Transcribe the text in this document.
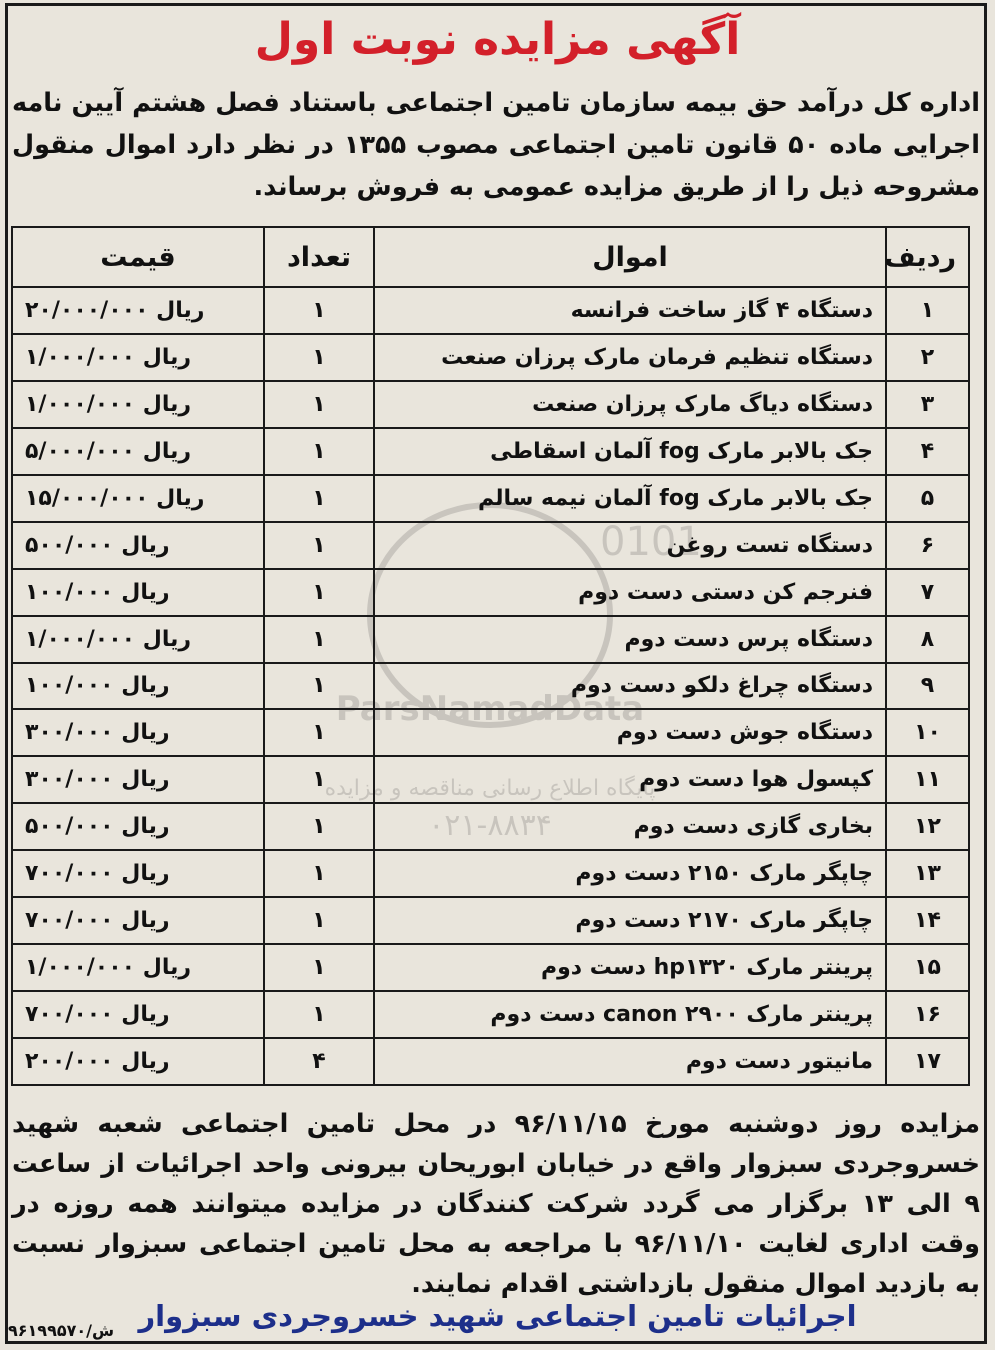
0101
ParsNamadData
پایگاه اطلاع رسانی مناقصه و مزایده
۰۲۱-۸۸۳۴
آگهی مزایده نوبت اول
اداره کل درآمد حق بیمه سازمان تامین اجتماعی باستناد فصل هشتم آیین نامه اجرایی ماده ۵۰ قانون تامین اجتماعی مصوب ۱۳۵۵ در نظر دارد اموال منقول مشروحه ذیل را از طریق مزایده عمومی به فروش برساند.
ردیف	اموال	تعداد	قیمت
۱	دستگاه ۴ گاز ساخت فرانسه	۱	۲۰/۰۰۰/۰۰۰ ریال
۲	دستگاه تنظیم فرمان مارک پرزان صنعت	۱	۱/۰۰۰/۰۰۰ ریال
۳	دستگاه دیاگ مارک پرزان صنعت	۱	۱/۰۰۰/۰۰۰ ریال
۴	جک بالابر مارک fog آلمان اسقاطی	۱	۵/۰۰۰/۰۰۰ ریال
۵	جک بالابر مارک fog آلمان نیمه سالم	۱	۱۵/۰۰۰/۰۰۰ ریال
۶	دستگاه تست روغن	۱	۵۰۰/۰۰۰ ریال
۷	فنرجم کن دستی دست دوم	۱	۱۰۰/۰۰۰ ریال
۸	دستگاه پرس دست دوم	۱	۱/۰۰۰/۰۰۰ ریال
۹	دستگاه چراغ دلکو دست دوم	۱	۱۰۰/۰۰۰ ریال
۱۰	دستگاه جوش دست دوم	۱	۳۰۰/۰۰۰ ریال
۱۱	کپسول هوا دست دوم	۱	۳۰۰/۰۰۰ ریال
۱۲	بخاری گازی دست دوم	۱	۵۰۰/۰۰۰ ریال
۱۳	چاپگر مارک ۲۱۵۰ دست دوم	۱	۷۰۰/۰۰۰ ریال
۱۴	چاپگر مارک ۲۱۷۰ دست دوم	۱	۷۰۰/۰۰۰ ریال
۱۵	پرینتر مارک hp۱۳۲۰ دست دوم	۱	۱/۰۰۰/۰۰۰ ریال
۱۶	پرینتر مارک canon ۲۹۰۰ دست دوم	۱	۷۰۰/۰۰۰ ریال
۱۷	مانیتور دست دوم	۴	۲۰۰/۰۰۰ ریال
مزایده روز دوشنبه مورخ ۹۶/۱۱/۱۵ در محل تامین اجتماعی شعبه شهید خسروجردی سبزوار واقع در خیابان ابوریحان بیرونی واحد اجرائیات از ساعت ۹ الی ۱۳ برگزار می گردد شرکت کنندگان در مزایده میتوانند همه روزه در وقت اداری لغایت ۹۶/۱۱/۱۰ با مراجعه به محل تامین اجتماعی سبزوار نسبت به بازدید اموال منقول بازداشتی اقدام نمایند.
اجرائیات تامین اجتماعی شهید خسروجردی سبزوار
۹۶۱۹۹۵۷۰/ش
